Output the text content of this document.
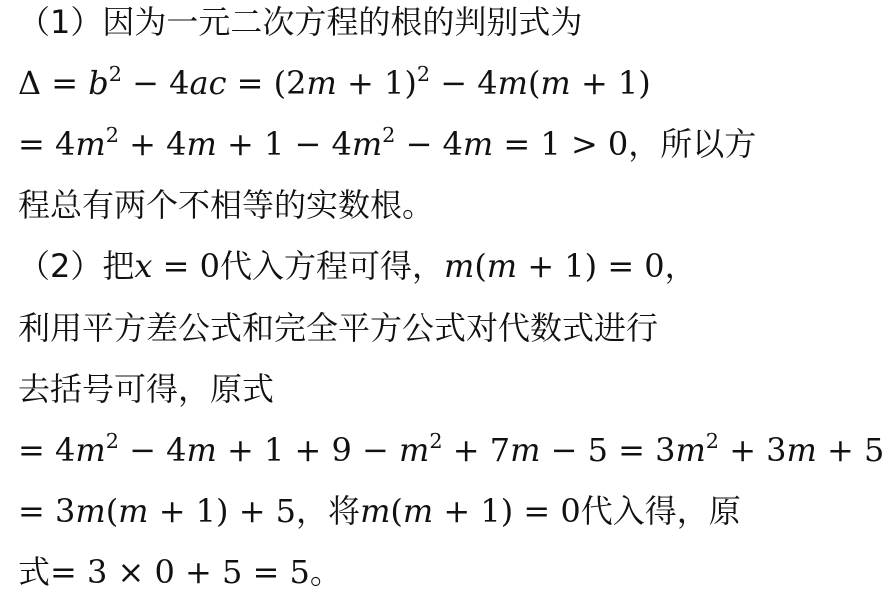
（1）因为一元二次方程的根的判别式为
$\Delta = b^2 - 4ac = (2m + 1)^2 - 4m(m + 1)$
= $4m^2 + 4m + 1 - 4m^2 - 4m = 1 > 0$，所以方
程总有两个不相等的实数根。
（2）把x = 0代入方程可得，m(m + 1) = 0，
利用平方差公式和完全平方公式对代数式进行
去括号可得，原式
= $4m^2 - 4m + 1 + 9 - m^2 + 7m - 5 = 3m^2 + 3m + 5$
= 3m(m + 1) + 5，将m(m + 1) = 0代入得，原
式= 3 × 0 + 5 = 5。
